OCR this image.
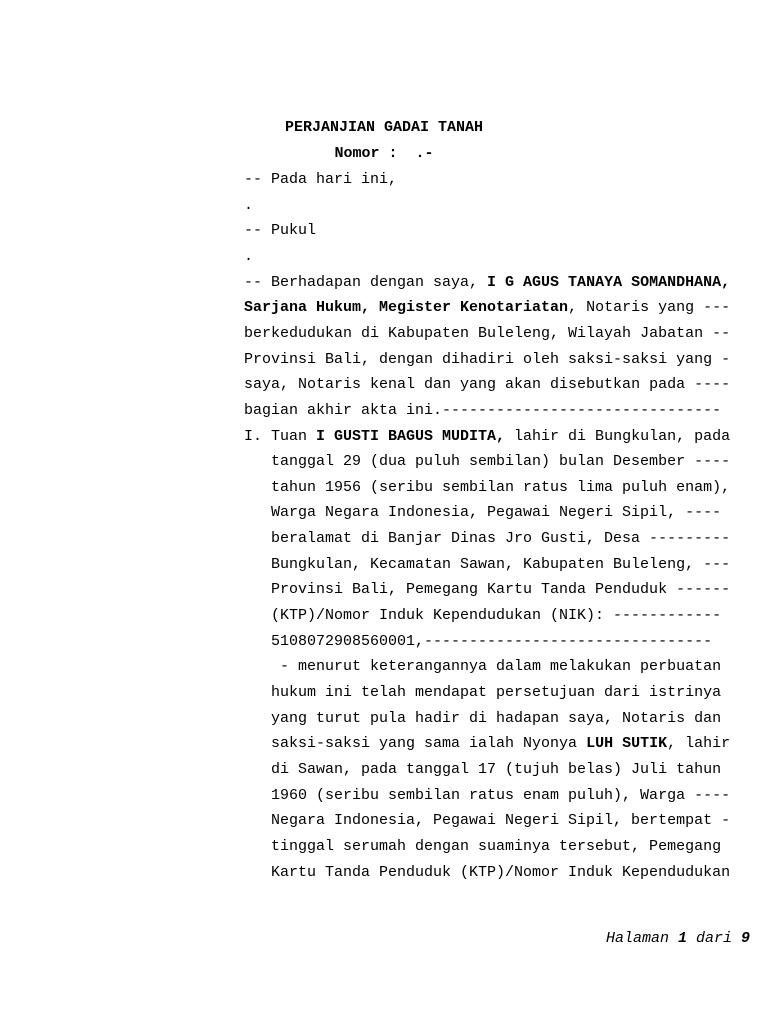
PERJANJIAN GADAI TANAH
Nomor :  .-
-- Pada hari ini,
.
-- Pukul
.
-- Berhadapan dengan saya, I G AGUS TANAYA SOMANDHANA,
Sarjana Hukum, Megister Kenotariatan, Notaris yang ---
berkedudukan di Kabupaten Buleleng, Wilayah Jabatan --
Provinsi Bali, dengan dihadiri oleh saksi-saksi yang -
saya, Notaris kenal dan yang akan disebutkan pada ----
bagian akhir akta ini.-------------------------------
I. Tuan I GUSTI BAGUS MUDITA, lahir di Bungkulan, pada
tanggal 29 (dua puluh sembilan) bulan Desember ----
tahun 1956 (seribu sembilan ratus lima puluh enam),
Warga Negara Indonesia, Pegawai Negeri Sipil, ----
beralamat di Banjar Dinas Jro Gusti, Desa ---------
Bungkulan, Kecamatan Sawan, Kabupaten Buleleng, ---
Provinsi Bali, Pemegang Kartu Tanda Penduduk ------
(KTP)/Nomor Induk Kependudukan (NIK): ------------
5108072908560001,--------------------------------
- menurut keterangannya dalam melakukan perbuatan
hukum ini telah mendapat persetujuan dari istrinya
yang turut pula hadir di hadapan saya, Notaris dan
saksi-saksi yang sama ialah Nyonya LUH SUTIK, lahir
di Sawan, pada tanggal 17 (tujuh belas) Juli tahun
1960 (seribu sembilan ratus enam puluh), Warga ----
Negara Indonesia, Pegawai Negeri Sipil, bertempat -
tinggal serumah dengan suaminya tersebut, Pemegang
Kartu Tanda Penduduk (KTP)/Nomor Induk Kependudukan
Halaman 1 dari 9
